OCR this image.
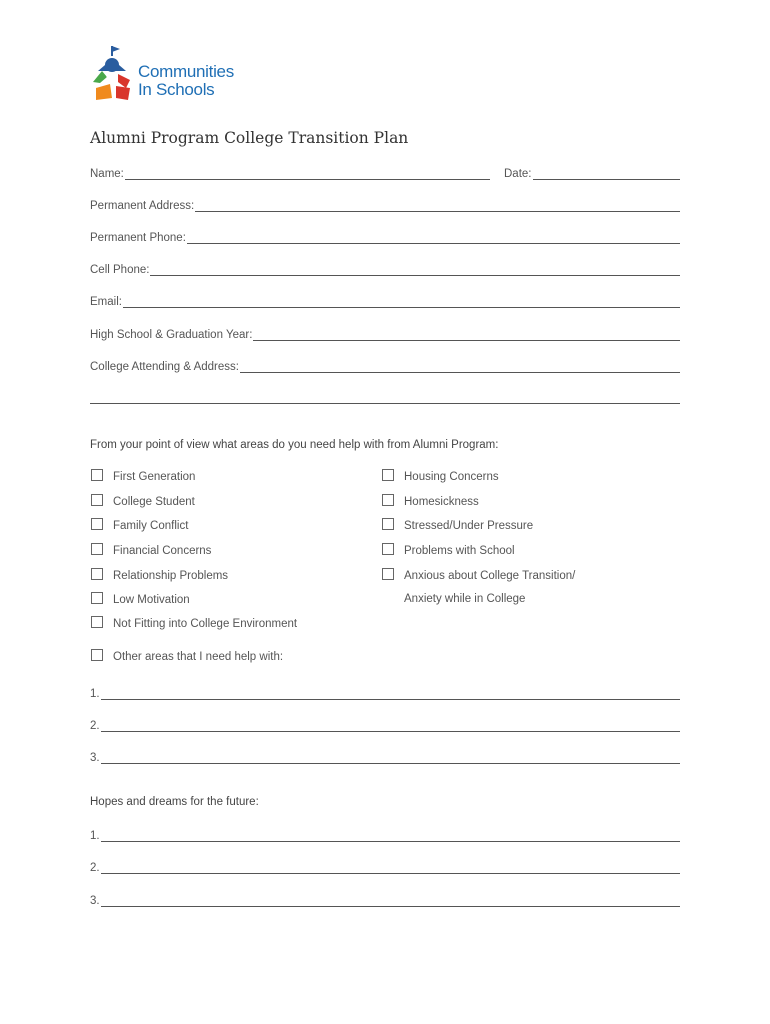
Communities
In Schools
Alumni Program College Transition Plan
Name:	Date:
Permanent Address:
Permanent Phone:
Cell Phone:
Email:
High School & Graduation Year:
College Attending & Address:
From your point of view what areas do you need help with from Alumni Program:
First Generation
College Student
Family Conflict
Financial Concerns
Relationship Problems
Low Motivation
Not Fitting into College Environment
Housing Concerns
Homesickness
Stressed/Under Pressure
Problems with School
Anxious about College Transition/
Anxiety while in College
Other areas that I need help with:
1.
2.
3.
Hopes and dreams for the future:
1.
2.
3.
